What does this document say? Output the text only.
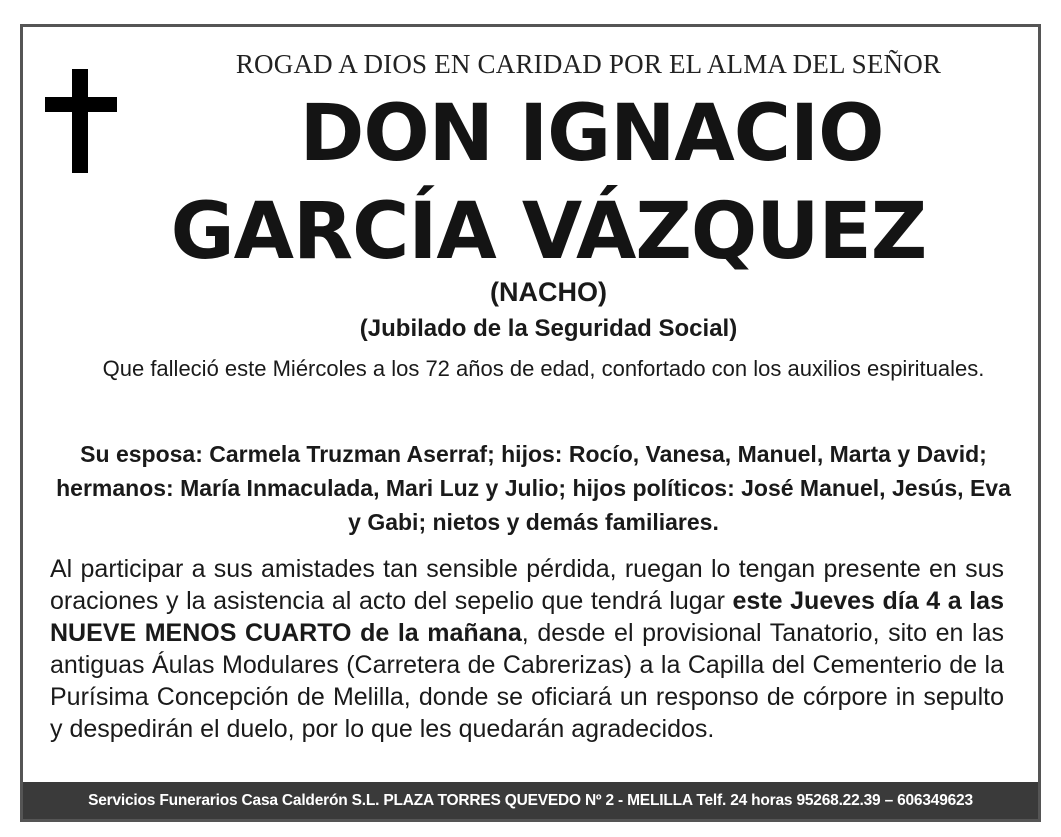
ROGAD A DIOS EN CARIDAD POR EL ALMA DEL SEÑOR
DON IGNACIO
GARCÍA VÁZQUEZ
(NACHO)
(Jubilado de la Seguridad Social)
Que falleció este Miércoles a los 72 años de edad, confortado con los auxilios espirituales.
Su esposa: Carmela Truzman Aserraf; hijos: Rocío, Vanesa, Manuel, Marta y David; hermanos: María Inmaculada, Mari Luz y Julio; hijos políticos: José Manuel, Jesús, Eva y Gabi; nietos y demás familiares.
Al participar a sus amistades tan sensible pérdida, ruegan lo tengan presente en sus oraciones y la asistencia al acto del sepelio que tendrá lugar este Jueves día 4 a las NUEVE MENOS CUARTO de la mañana, desde el provisional Tanatorio, sito en las antiguas Áulas Modulares (Carretera de Cabrerizas) a la Capilla del Cementerio de la Purísima Concepción de Melilla, donde se oficiará un responso de córpore in sepulto y despedirán el duelo, por lo que les quedarán agradecidos.
Servicios Funerarios Casa Calderón S.L. PLAZA TORRES QUEVEDO Nº 2 - MELILLA Telf. 24 horas 95268.22.39 – 606349623
